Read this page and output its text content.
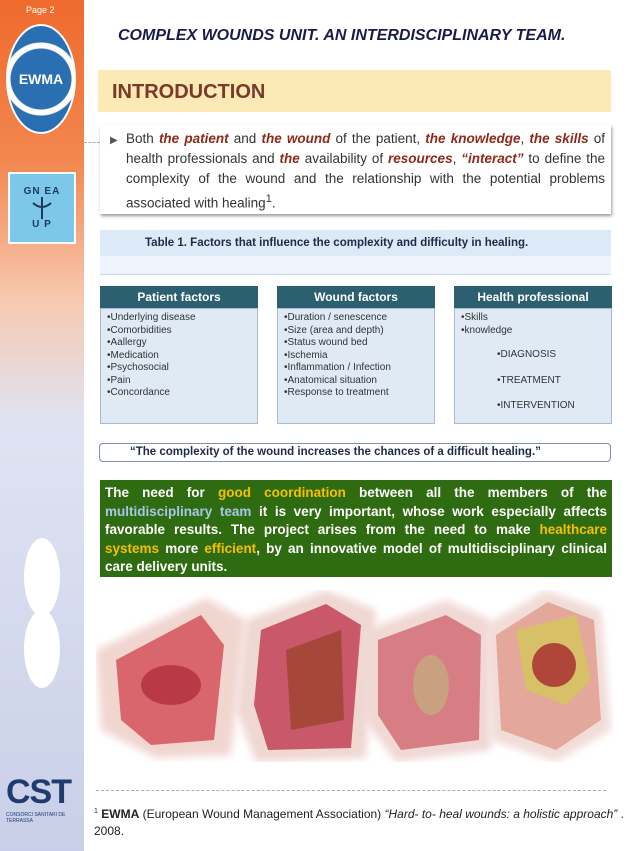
Page 2
EWMA
GN EA
U P
CST
CONSORCI SANITARI DE TERRASSA
COMPLEX WOUNDS UNIT. AN INTERDISCIPLINARY TEAM.
INTRODUCTION
▶ Both the patient and the wound of the patient, the knowledge, the skills of health professionals and the availability of resources, “interact” to define the complexity of the wound and the relationship with the potential problems associated with healing$^1$.
Table 1. Factors that influence the complexity and difficulty in healing.
Patient factors
•Underlying disease
•Comorbidities
•Aallergy
•Medication
•Psychosocial
•Pain
•Concordance
Wound factors
•Duration / senescence
•Size (area and depth)
•Status wound bed
•Ischemia
•Inflammation / Infection
•Anatomical situation
•Response to treatment
Health professional
•Skills
•knowledge
•DIAGNOSIS
•TREATMENT
•INTERVENTION
“The complexity of the wound increases the chances of a difficult healing.”
The need for good coordination between all the members of the multidisciplinary team it is very important, whose work especially affects favorable results. The project arises from the need to make healthcare systems more efficient, by an innovative model of multidisciplinary clinical care delivery units.
$^1$ EWMA (European Wound Management Association) “Hard- to- heal wounds: a holistic approach” . 2008.
